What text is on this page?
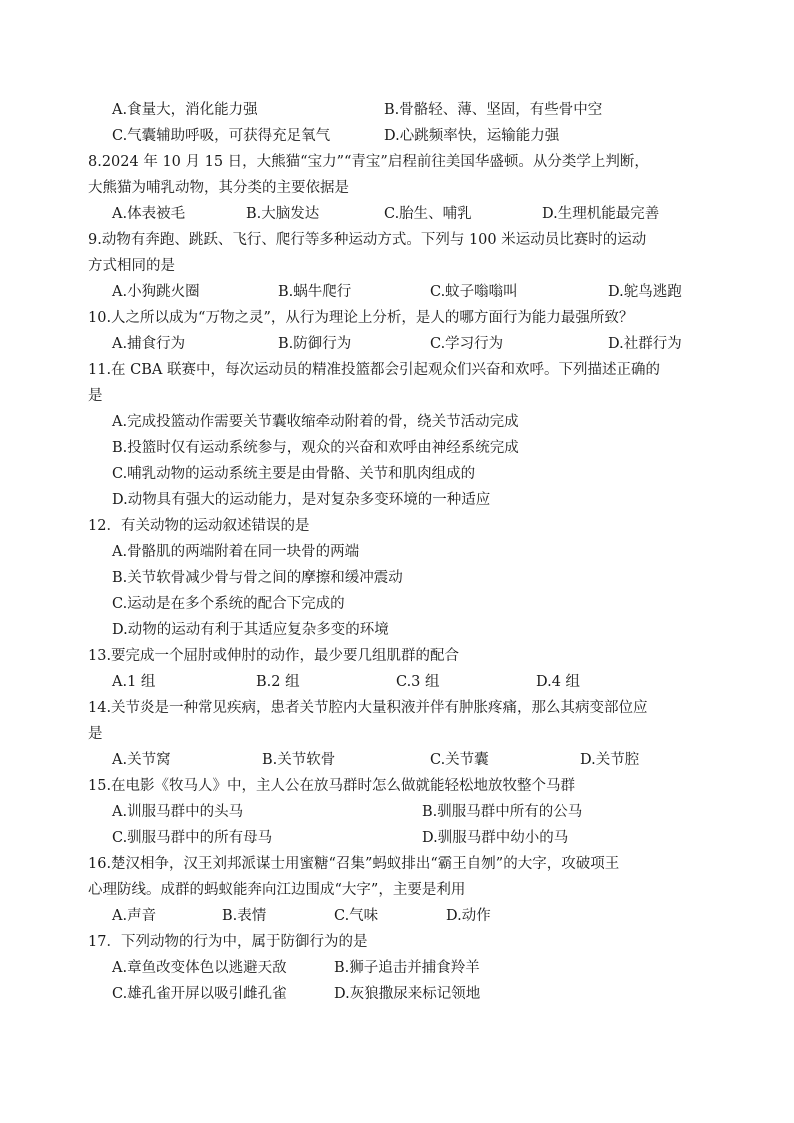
A.食量大，消化能力强	B.骨骼轻、薄、坚固，有些骨中空
C.气囊辅助呼吸，可获得充足氧气	D.心跳频率快，运输能力强
8.2024 年 10 月 15 日，大熊猫“宝力”“青宝”启程前往美国华盛顿。从分类学上判断，
大熊猫为哺乳动物，其分类的主要依据是
A.体表被毛	B.大脑发达	C.胎生、哺乳	D.生理机能最完善
9.动物有奔跑、跳跃、飞行、爬行等多种运动方式。下列与 100 米运动员比赛时的运动
方式相同的是
A.小狗跳火圈	B.蜗牛爬行	C.蚊子嗡嗡叫	D.鸵鸟逃跑
10.人之所以成为“万物之灵”，从行为理论上分析，是人的哪方面行为能力最强所致？
A.捕食行为	B.防御行为	C.学习行为	D.社群行为
11.在 CBA 联赛中，每次运动员的精准投篮都会引起观众们兴奋和欢呼。下列描述正确的
是
A.完成投篮动作需要关节囊收缩牵动附着的骨，绕关节活动完成
B.投篮时仅有运动系统参与，观众的兴奋和欢呼由神经系统完成
C.哺乳动物的运动系统主要是由骨骼、关节和肌肉组成的
D.动物具有强大的运动能力，是对复杂多变环境的一种适应
12．有关动物的运动叙述错误的是
A.骨骼肌的两端附着在同一块骨的两端
B.关节软骨减少骨与骨之间的摩擦和缓冲震动
C.运动是在多个系统的配合下完成的
D.动物的运动有利于其适应复杂多变的环境
13.要完成一个屈肘或伸肘的动作，最少要几组肌群的配合
A.1 组	B.2 组	C.3 组	D.4 组
14.关节炎是一种常见疾病，患者关节腔内大量积液并伴有肿胀疼痛，那么其病变部位应
是
A.关节窝	B.关节软骨	C.关节囊	D.关节腔
15.在电影《牧马人》中，主人公在放马群时怎么做就能轻松地放牧整个马群
A.训服马群中的头马	B.驯服马群中所有的公马
C.驯服马群中的所有母马	D.驯服马群中幼小的马
16.楚汉相争，汉王刘邦派谋士用蜜糖“召集”蚂蚁排出“霸王自刎”的大字，攻破项王
心理防线。成群的蚂蚁能奔向江边围成“大字”，主要是利用
A.声音	B.表情	C.气味	D.动作
17．下列动物的行为中，属于防御行为的是
A.章鱼改变体色以逃避天敌	B.狮子追击并捕食羚羊
C.雄孔雀开屏以吸引雌孔雀	D.灰狼撒尿来标记领地
